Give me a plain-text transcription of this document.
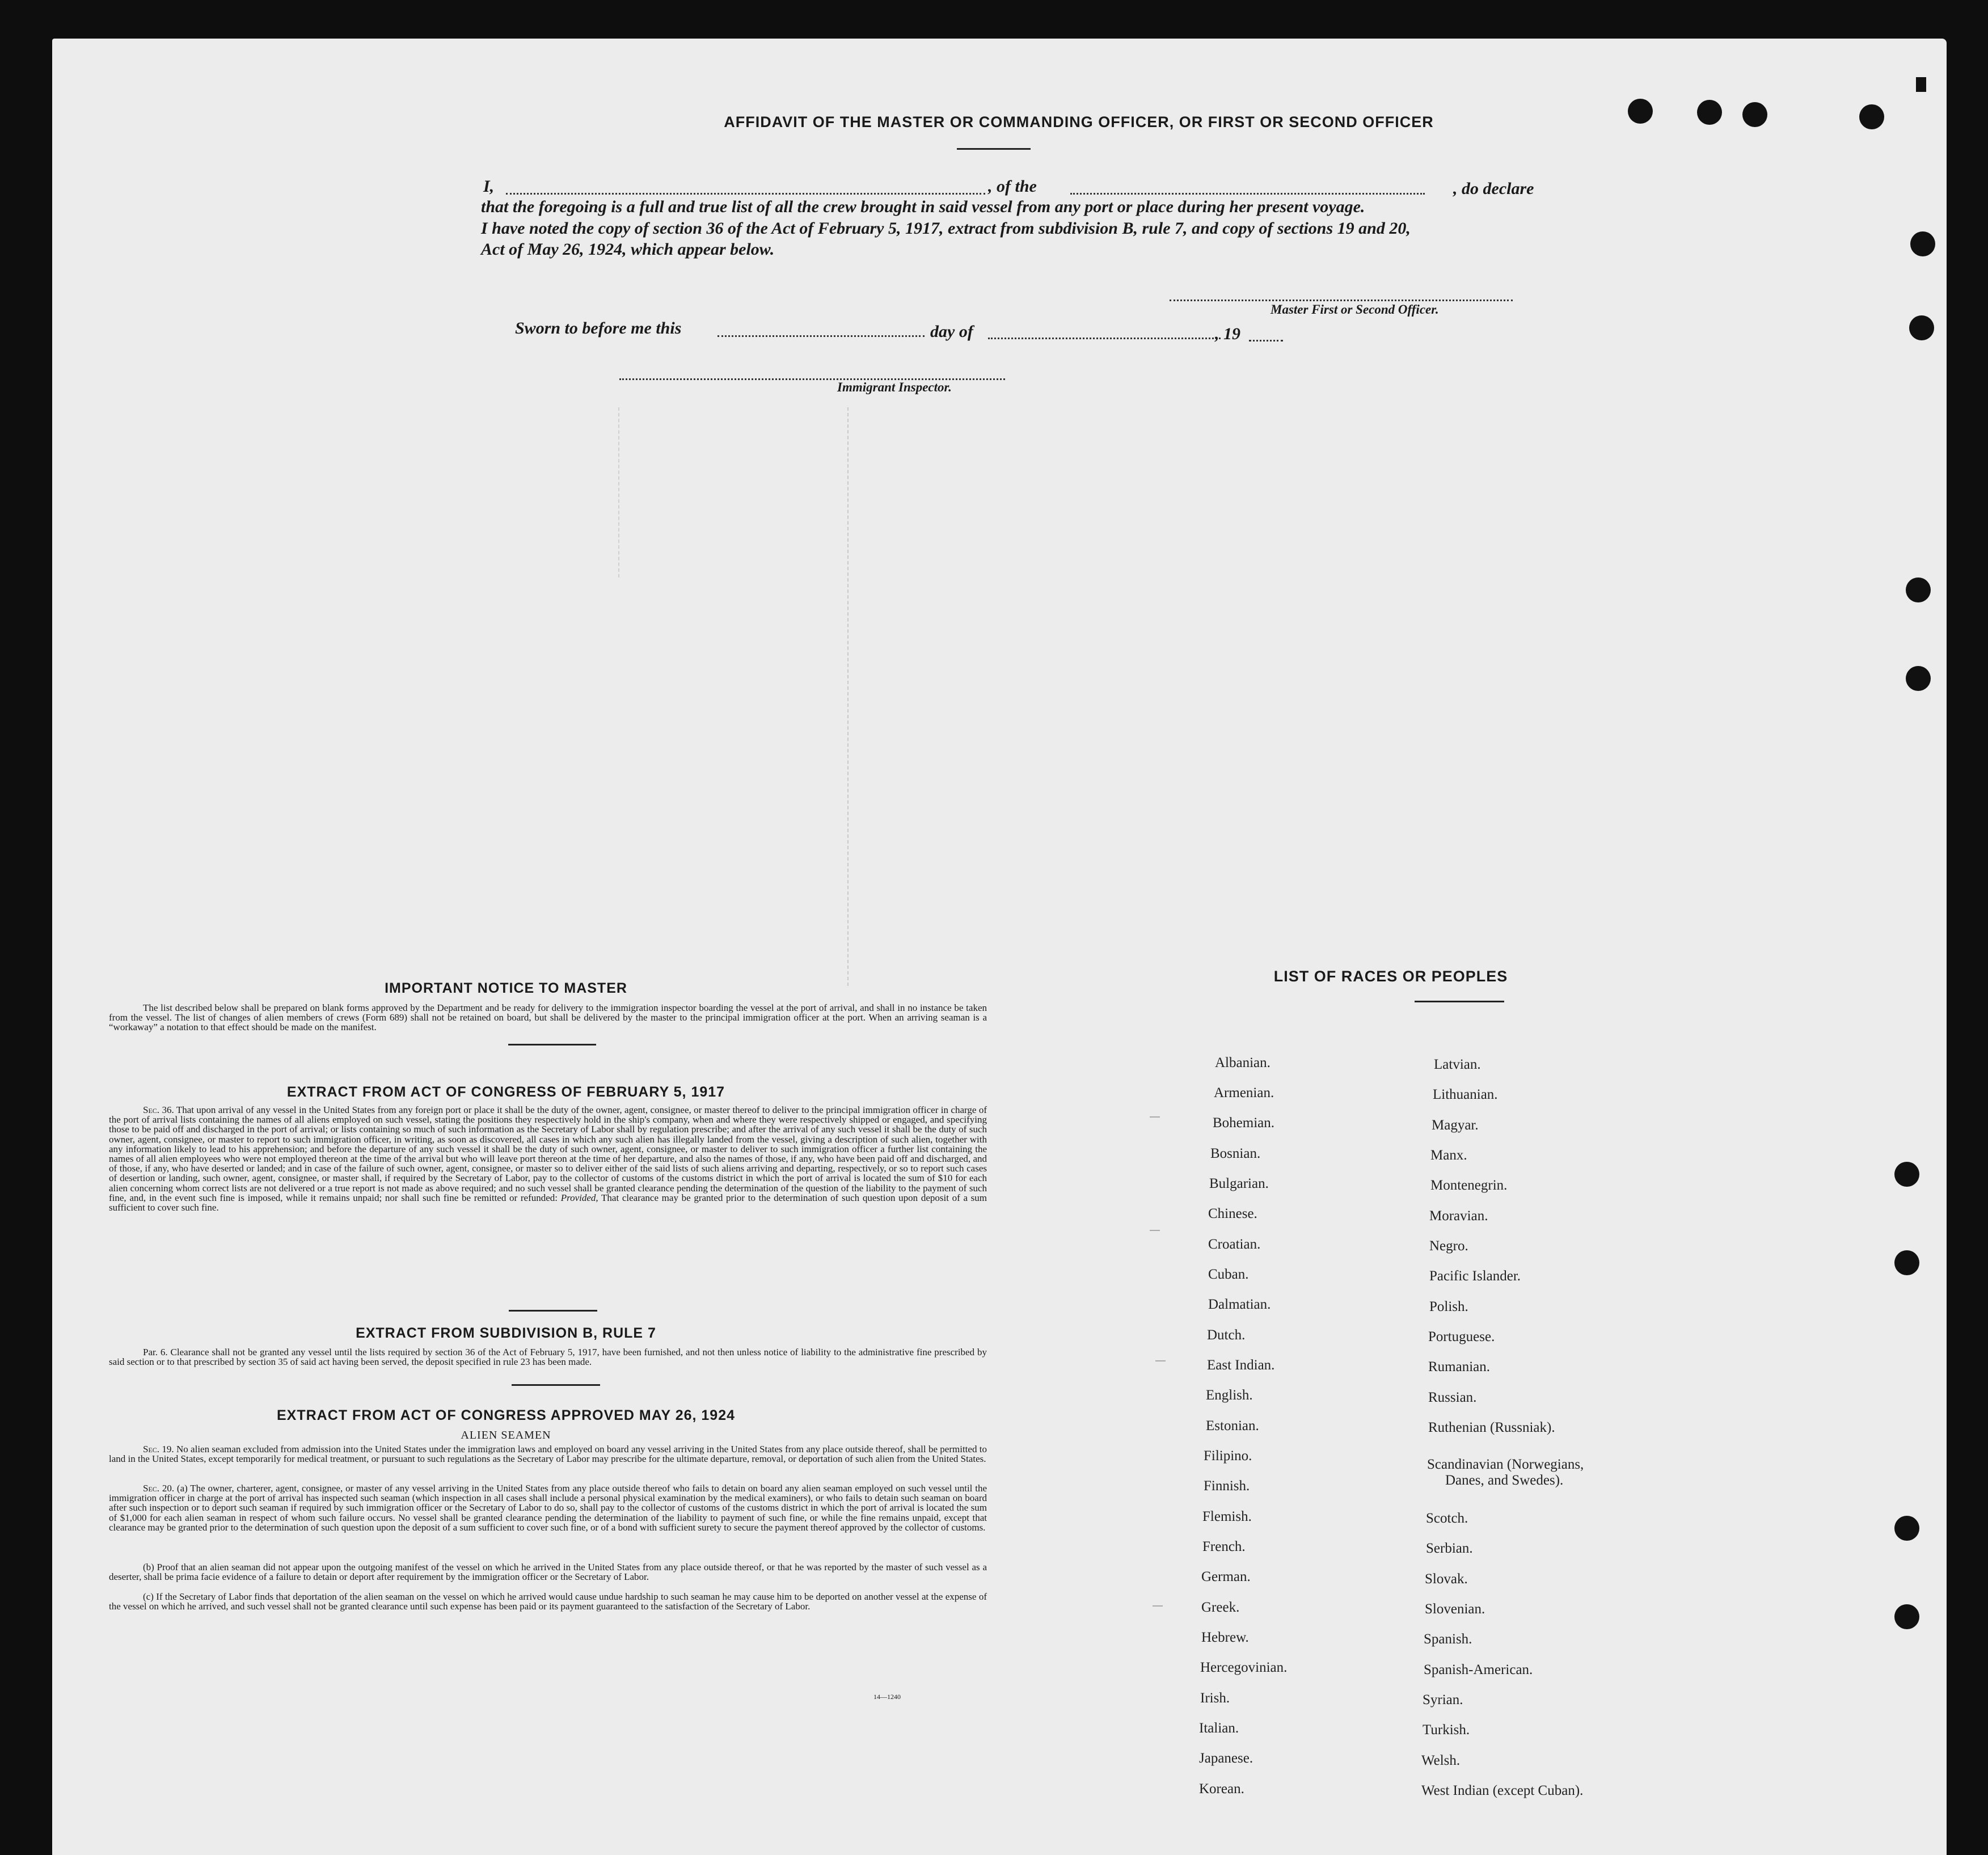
AFFIDAVIT OF THE MASTER OR COMMANDING OFFICER, OR FIRST OR SECOND OFFICER
I,	, of the	, do declare
that the foregoing is a full and true list of all the crew brought in said vessel from any port or place during her present voyage.
I have noted the copy of section 36 of the Act of February 5, 1917, extract from subdivision B, rule 7, and copy of sections 19 and 20,
Act of May 26, 1924, which appear below.
Master First or Second Officer.
Sworn to before me this	day of	, 19
Immigrant Inspector.
IMPORTANT NOTICE TO MASTER
The list described below shall be prepared on blank forms approved by the Department and be ready for delivery to the immigration inspector boarding the vessel at the port of arrival, and shall in no instance be taken from the vessel. The list of changes of alien members of crews (Form 689) shall not be retained on board, but shall be delivered by the master to the principal immigration officer at the port. When an arriving seaman is a “workaway” a notation to that effect should be made on the manifest.
EXTRACT FROM ACT OF CONGRESS OF FEBRUARY 5, 1917
Sec. 36. That upon arrival of any vessel in the United States from any foreign port or place it shall be the duty of the owner, agent, consignee, or master thereof to deliver to the principal immigration officer in charge of the port of arrival lists containing the names of all aliens employed on such vessel, stating the positions they respectively hold in the ship's company, when and where they were respectively shipped or engaged, and specifying those to be paid off and discharged in the port of arrival; or lists containing so much of such information as the Secretary of Labor shall by regulation prescribe; and after the arrival of any such vessel it shall be the duty of such owner, agent, consignee, or master to report to such immigration officer, in writing, as soon as discovered, all cases in which any such alien has illegally landed from the vessel, giving a description of such alien, together with any information likely to lead to his apprehension; and before the departure of any such vessel it shall be the duty of such owner, agent, consignee, or master to deliver to such immigration officer a further list containing the names of all alien employees who were not employed thereon at the time of the arrival but who will leave port thereon at the time of her departure, and also the names of those, if any, who have been paid off and discharged, and of those, if any, who have deserted or landed; and in case of the failure of such owner, agent, consignee, or master so to deliver either of the said lists of such aliens arriving and departing, respectively, or so to report such cases of desertion or landing, such owner, agent, consignee, or master shall, if required by the Secretary of Labor, pay to the collector of customs of the customs district in which the port of arrival is located the sum of $10 for each alien concerning whom correct lists are not delivered or a true report is not made as above required; and no such vessel shall be granted clearance pending the determination of the question of the liability to the payment of such fine, and, in the event such fine is imposed, while it remains unpaid; nor shall such fine be remitted or refunded: Provided, That clearance may be granted prior to the determination of such question upon deposit of a sum sufficient to cover such fine.
EXTRACT FROM SUBDIVISION B, RULE 7
Par. 6. Clearance shall not be granted any vessel until the lists required by section 36 of the Act of February 5, 1917, have been furnished, and not then unless notice of liability to the administrative fine prescribed by said section or to that prescribed by section 35 of said act having been served, the deposit specified in rule 23 has been made.
EXTRACT FROM ACT OF CONGRESS APPROVED MAY 26, 1924
ALIEN SEAMEN
Sec. 19. No alien seaman excluded from admission into the United States under the immigration laws and employed on board any vessel arriving in the United States from any place outside thereof, shall be permitted to land in the United States, except temporarily for medical treatment, or pursuant to such regulations as the Secretary of Labor may prescribe for the ultimate departure, removal, or deportation of such alien from the United States.
Sec. 20. (a) The owner, charterer, agent, consignee, or master of any vessel arriving in the United States from any place outside thereof who fails to detain on board any alien seaman employed on such vessel until the immigration officer in charge at the port of arrival has inspected such seaman (which inspection in all cases shall include a personal physical examination by the medical examiners), or who fails to detain such seaman on board after such inspection or to deport such seaman if required by such immigration officer or the Secretary of Labor to do so, shall pay to the collector of customs of the customs district in which the port of arrival is located the sum of $1,000 for each alien seaman in respect of whom such failure occurs. No vessel shall be granted clearance pending the determination of the liability to payment of such fine, or while the fine remains unpaid, except that clearance may be granted prior to the determination of such question upon the deposit of a sum sufficient to cover such fine, or of a bond with sufficient surety to secure the payment thereof approved by the collector of customs.
(b) Proof that an alien seaman did not appear upon the outgoing manifest of the vessel on which he arrived in the United States from any place outside thereof, or that he was reported by the master of such vessel as a deserter, shall be prima facie evidence of a failure to detain or deport after requirement by the immigration officer or the Secretary of Labor.
(c) If the Secretary of Labor finds that deportation of the alien seaman on the vessel on which he arrived would cause undue hardship to such seaman he may cause him to be deported on another vessel at the expense of the vessel on which he arrived, and such vessel shall not be granted clearance until such expense has been paid or its payment guaranteed to the satisfaction of the Secretary of Labor.
14—1240
LIST OF RACES OR PEOPLES
Albanian.
Armenian.
Bohemian.
Bosnian.
Bulgarian.
Chinese.
Croatian.
Cuban.
Dalmatian.
Dutch.
East Indian.
English.
Estonian.
Filipino.
Finnish.
Flemish.
French.
German.
Greek.
Hebrew.
Hercegovinian.
Irish.
Italian.
Japanese.
Korean.
Latvian.
Lithuanian.
Magyar.
Manx.
Montenegrin.
Moravian.
Negro.
Pacific Islander.
Polish.
Portuguese.
Rumanian.
Russian.
Ruthenian (Russniak).
Scandinavian (Norwegians,
Danes, and Swedes).
Scotch.
Serbian.
Slovak.
Slovenian.
Spanish.
Spanish-American.
Syrian.
Turkish.
Welsh.
West Indian (except Cuban).
